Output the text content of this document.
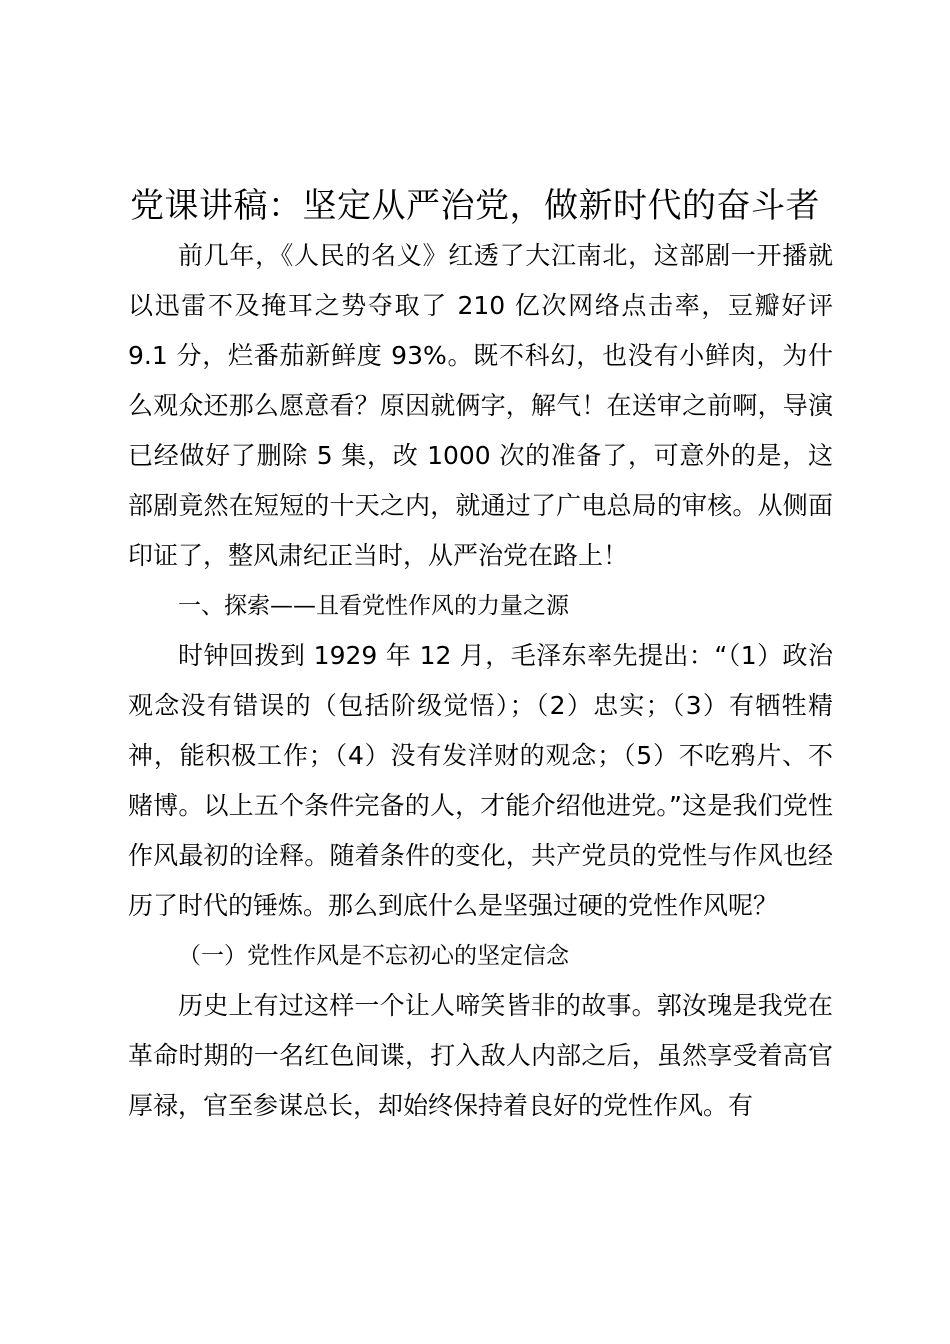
党课讲稿：坚定从严治党，做新时代的奋斗者

前几年，《人民的名义》红透了大江南北，这部剧一开播就以迅雷不及掩耳之势夺取了 210 亿次网络点击率，豆瓣好评 9.1 分，烂番茄新鲜度 93%。既不科幻，也没有小鲜肉，为什么观众还那么愿意看？原因就俩字，解气！在送审之前啊，导演已经做好了删除 5 集，改 1000 次的准备了，可意外的是，这部剧竟然在短短的十天之内，就通过了广电总局的审核。从侧面印证了，整风肃纪正当时，从严治党在路上！

一、探索——且看党性作风的力量之源

时钟回拨到 1929 年 12 月，毛泽东率先提出：“（1）政治观念没有错误的（包括阶级觉悟）；（2）忠实；（3）有牺牲精神，能积极工作；（4）没有发洋财的观念；（5）不吃鸦片、不赌博。以上五个条件完备的人，才能介绍他进党。”这是我们党性作风最初的诠释。随着条件的变化，共产党员的党性与作风也经历了时代的锤炼。那么到底什么是坚强过硬的党性作风呢？

（一）党性作风是不忘初心的坚定信念

历史上有过这样一个让人啼笑皆非的故事。郭汝瑰是我党在革命时期的一名红色间谍，打入敌人内部之后，虽然享受着高官厚禄，官至参谋总长，却始终保持着良好的党性作风。有
